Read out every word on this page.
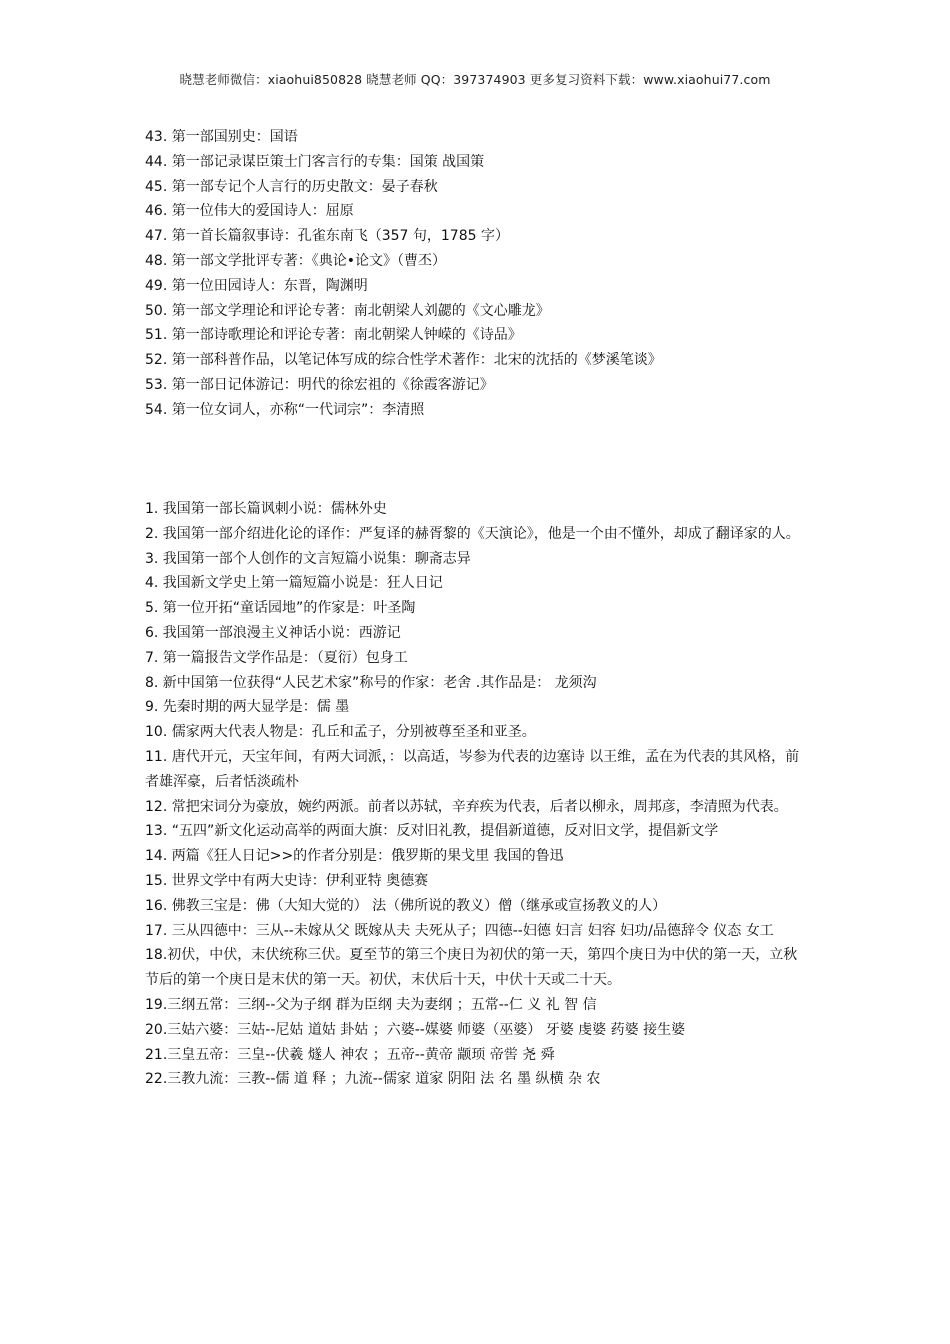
晓慧老师微信：xiaohui850828 晓慧老师 QQ：397374903 更多复习资料下载：www.xiaohui77.com
43. 第一部国别史：国语
44. 第一部记录谋臣策士门客言行的专集：国策 战国策
45. 第一部专记个人言行的历史散文：晏子春秋
46. 第一位伟大的爱国诗人：屈原
47. 第一首长篇叙事诗：孔雀东南飞（357 句，1785 字）
48. 第一部文学批评专著：《典论•论文》（曹丕）
49. 第一位田园诗人：东晋，陶渊明
50. 第一部文学理论和评论专著：南北朝梁人刘勰的《文心雕龙》
51. 第一部诗歌理论和评论专著：南北朝梁人钟嵘的《诗品》
52. 第一部科普作品，以笔记体写成的综合性学术著作：北宋的沈括的《梦溪笔谈》
53. 第一部日记体游记：明代的徐宏祖的《徐霞客游记》
54. 第一位女词人，亦称“一代词宗”：李清照
1. 我国第一部长篇讽刺小说：儒林外史
2. 我国第一部介绍进化论的译作：严复译的赫胥黎的《天演论》，他是一个由不懂外，却成了翻译家的人。
3. 我国第一部个人创作的文言短篇小说集：聊斋志异
4. 我国新文学史上第一篇短篇小说是：狂人日记
5. 第一位开拓“童话园地”的作家是：叶圣陶
6. 我国第一部浪漫主义神话小说：西游记
7. 第一篇报告文学作品是：（夏衍）包身工
8. 新中国第一位获得“人民艺术家”称号的作家：老舍 .其作品是： 龙须沟
9. 先秦时期的两大显学是：儒 墨
10. 儒家两大代表人物是：孔丘和孟子，分别被尊至圣和亚圣。
11. 唐代开元，天宝年间，有两大词派，：以高适，岑参为代表的边塞诗 以王维，孟在为代表的其风格，前者雄浑豪，后者恬淡疏朴
12. 常把宋词分为豪放，婉约两派。前者以苏轼，辛弃疾为代表，后者以柳永，周邦彦，李清照为代表。
13. “五四”新文化运动高举的两面大旗：反对旧礼教，提倡新道德，反对旧文学，提倡新文学
14. 两篇《狂人日记>>的作者分别是：俄罗斯的果戈里 我国的鲁迅
15. 世界文学中有两大史诗：伊利亚特 奥德赛
16. 佛教三宝是：佛（大知大觉的） 法（佛所说的教义）僧（继承或宣扬教义的人）
17. 三从四德中：三从--未嫁从父 既嫁从夫 夫死从子；四德--妇德 妇言 妇容 妇功/品德辞令 仪态 女工
18.初伏，中伏，末伏统称三伏。夏至节的第三个庚日为初伏的第一天，第四个庚日为中伏的第一天，立秋节后的第一个庚日是末伏的第一天。初伏，末伏后十天，中伏十天或二十天。
19.三纲五常：三纲--父为子纲 群为臣纲 夫为妻纲 ；五常--仁 义 礼 智 信
20.三姑六婆：三姑--尼姑 道姑 卦姑 ；六婆--媒婆 师婆（巫婆） 牙婆 虔婆 药婆 接生婆
21.三皇五帝：三皇--伏羲 燧人 神农 ；五帝--黄帝 颛顼 帝喾 尧 舜
22.三教九流：三教--儒 道 释 ；九流--儒家 道家 阴阳 法 名 墨 纵横 杂 农
